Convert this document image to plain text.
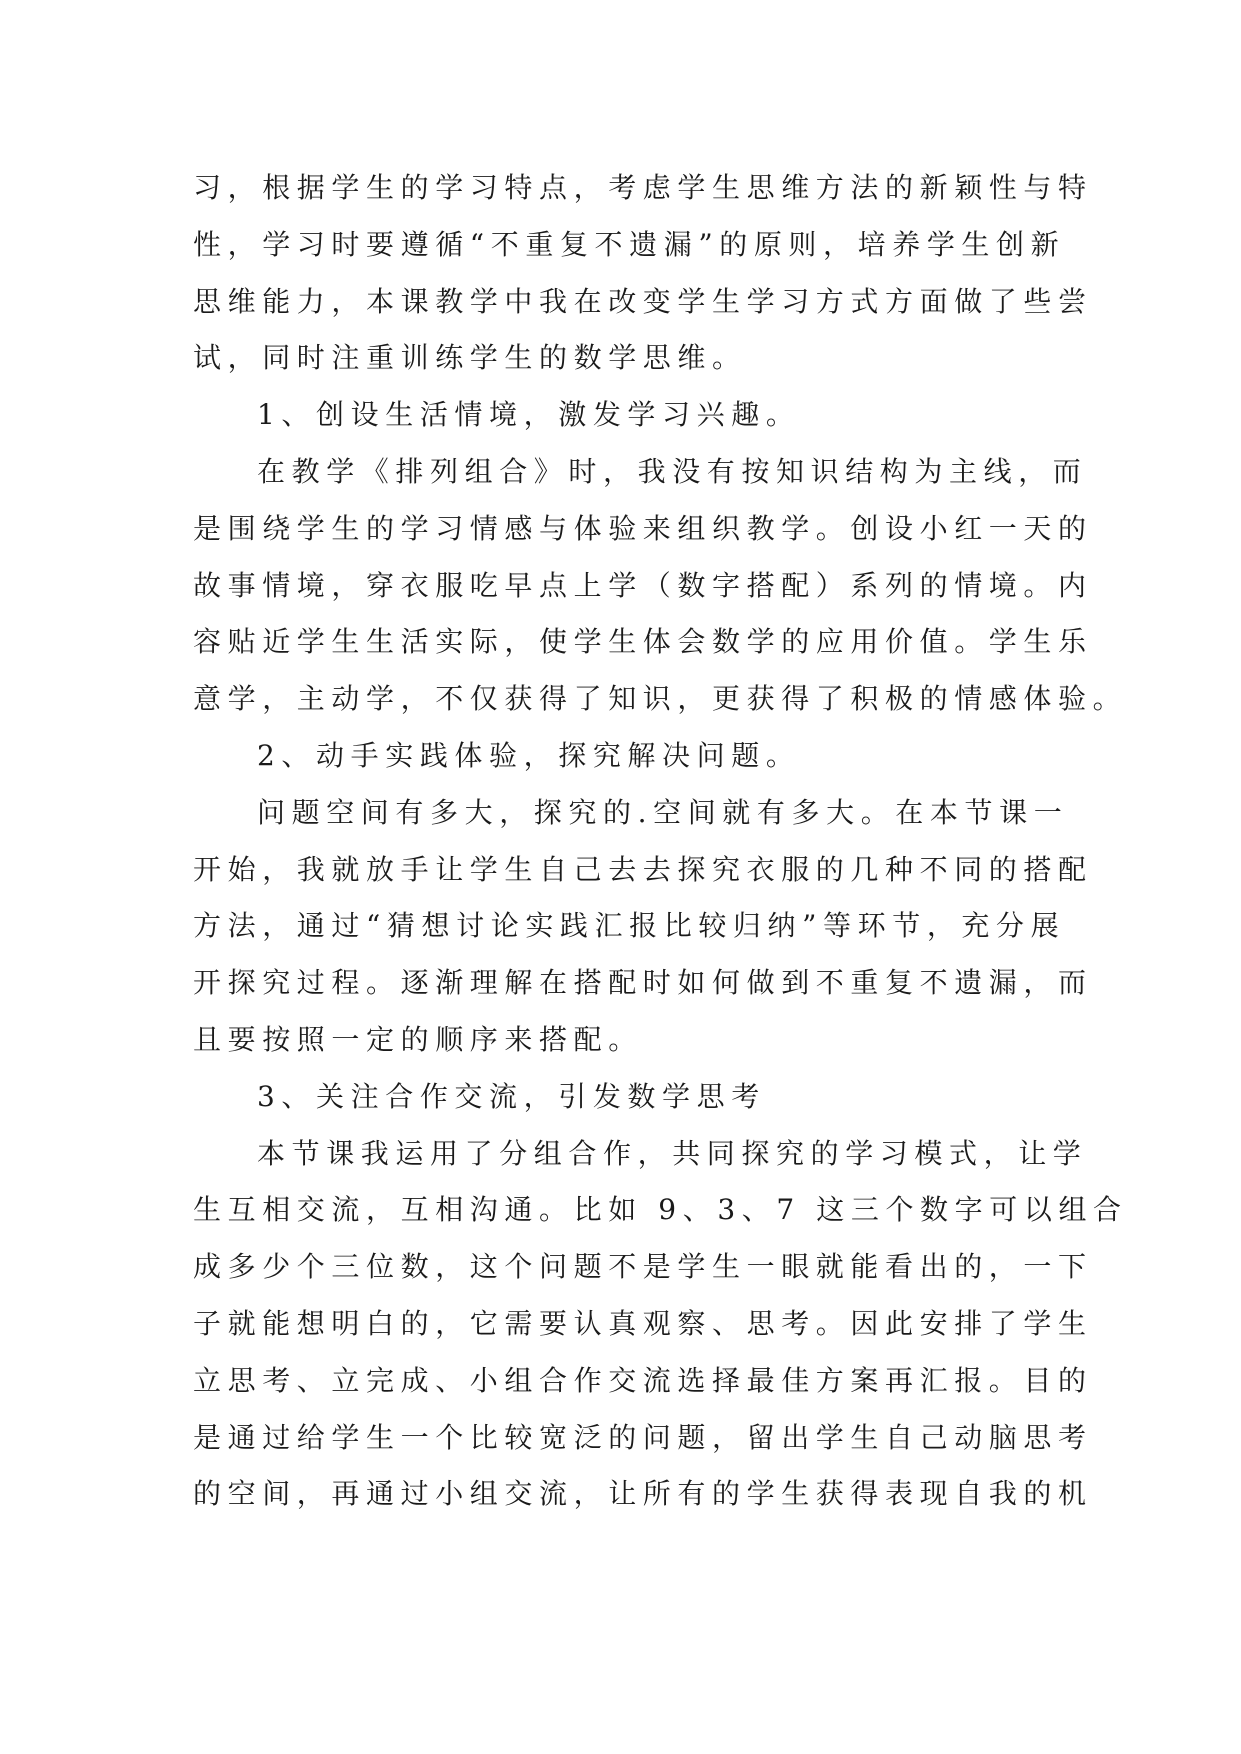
习，根据学生的学习特点，考虑学生思维方法的新颖性与特
性，学习时要遵循“不重复不遗漏”的原则，培养学生创新
思维能力，本课教学中我在改变学生学习方式方面做了些尝
试，同时注重训练学生的数学思维。
1、创设生活情境，激发学习兴趣。
在教学《排列组合》时，我没有按知识结构为主线，而
是围绕学生的学习情感与体验来组织教学。创设小红一天的
故事情境，穿衣服吃早点上学（数字搭配）系列的情境。内
容贴近学生生活实际，使学生体会数学的应用价值。学生乐
意学，主动学，不仅获得了知识，更获得了积极的情感体验。
2、动手实践体验，探究解决问题。
问题空间有多大，探究的.空间就有多大。在本节课一
开始，我就放手让学生自己去去探究衣服的几种不同的搭配
方法，通过“猜想讨论实践汇报比较归纳”等环节，充分展
开探究过程。逐渐理解在搭配时如何做到不重复不遗漏，而
且要按照一定的顺序来搭配。
3、关注合作交流，引发数学思考
本节课我运用了分组合作，共同探究的学习模式，让学
生互相交流，互相沟通。比如 9、3、7 这三个数字可以组合
成多少个三位数，这个问题不是学生一眼就能看出的，一下
子就能想明白的，它需要认真观察、思考。因此安排了学生
立思考、立完成、小组合作交流选择最佳方案再汇报。目的
是通过给学生一个比较宽泛的问题，留出学生自己动脑思考
的空间，再通过小组交流，让所有的学生获得表现自我的机
